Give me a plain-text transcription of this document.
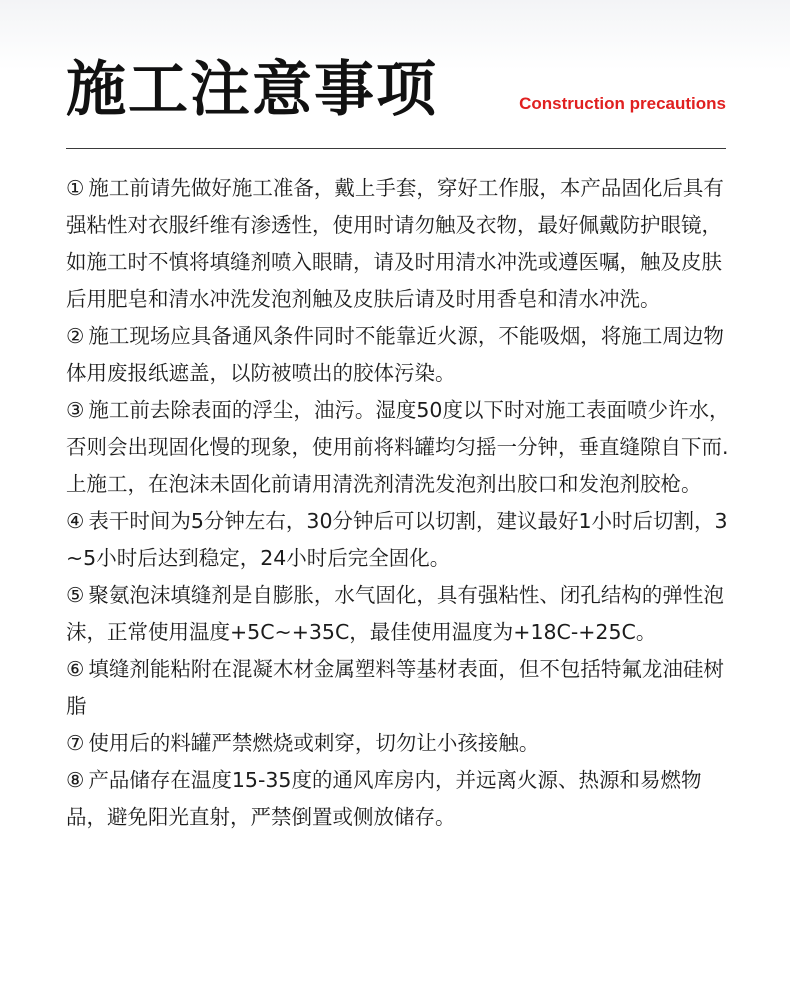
施工注意事项	Construction precautions
① 施工前请先做好施工准备，戴上手套，穿好工作服，本产品固化后具有强粘性对衣服纤维有渗透性，使用时请勿触及衣物，最好佩戴防护眼镜，如施工时不慎将填缝剂喷入眼睛，请及时用清水冲洗或遵医嘱，触及皮肤后用肥皂和清水冲洗发泡剂触及皮肤后请及时用香皂和清水冲洗。
② 施工现场应具备通风条件同时不能靠近火源，不能吸烟，将施工周边物体用废报纸遮盖，以防被喷出的胶体污染。
③ 施工前去除表面的浮尘，油污。湿度50度以下时对施工表面喷少许水，否则会出现固化慢的现象，使用前将料罐均匀摇一分钟，垂直缝隙自下而.上施工，在泡沫未固化前请用清洗剂清洗发泡剂出胶口和发泡剂胶枪。
④ 表干时间为5分钟左右，30分钟后可以切割，建议最好1小时后切割，3~5小时后达到稳定，24小时后完全固化。
⑤ 聚氨泡沫填缝剂是自膨胀，水气固化，具有强粘性、闭孔结构的弹性泡沫，正常使用温度+5C~+35C，最佳使用温度为+18C-+25C。
⑥ 填缝剂能粘附在混凝木材金属塑料等基材表面，但不包括特氟龙油硅树脂
⑦ 使用后的料罐严禁燃烧或刺穿，切勿让小孩接触。
⑧ 产品储存在温度15-35度的通风库房内，并远离火源、热源和易燃物品，避免阳光直射，严禁倒置或侧放储存。
